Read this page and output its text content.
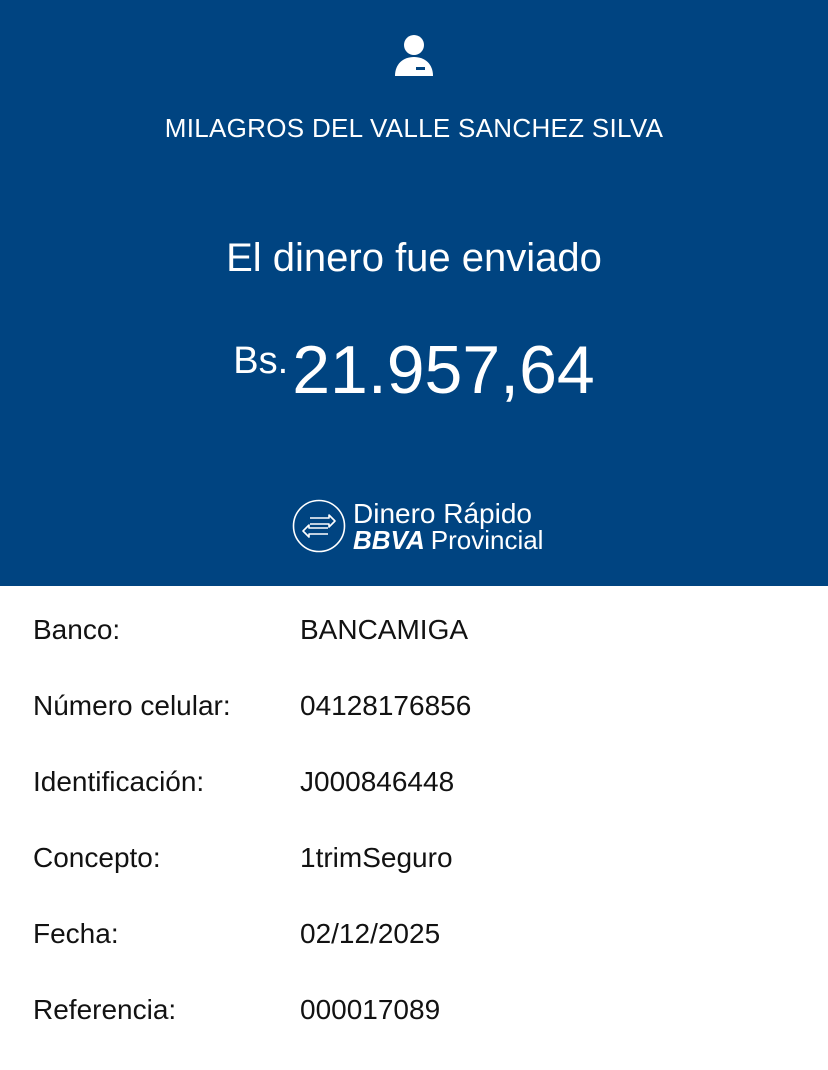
MILAGROS DEL VALLE SANCHEZ SILVA
El dinero fue enviado
Bs.21.957,64
Dinero Rápido
BBVA Provincial
Banco:	BANCAMIGA
Número celular: 04128176856
Identificación:	J000846448
Concepto:	1trimSeguro
Fecha:	02/12/2025
Referencia:	000017089
